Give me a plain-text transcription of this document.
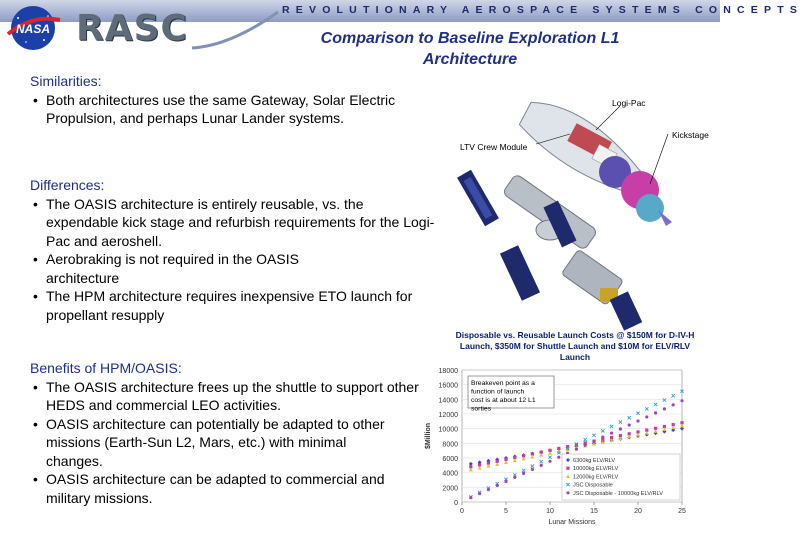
REVOLUTIONARY AEROSPACE SYSTEMS CONCEPTS
NASA RASC	Comparison to Baseline Exploration L1
Architecture
Similarities:
• Both architectures use the same Gateway, Solar Electric Propulsion, and perhaps Lunar Lander systems.
Differences:
• The OASIS architecture is entirely reusable, vs. the expendable kick stage and refurbish requirements for the Logi-Pac and aeroshell.
• Aerobraking is not required in the OASIS architecture
• The HPM architecture requires inexpensive ETO launch for propellant resupply
Benefits of HPM/OASIS:
• The OASIS architecture frees up the shuttle to support other HEDS and commercial LEO activities.
• OASIS architecture can potentially be adapted to other missions (Earth-Sun L2, Mars, etc.) with minimal changes.
• OASIS architecture can be adapted to commercial and military missions.
Logi-Pac
Kickstage
LTV Crew Module
Disposable vs. Reusable Launch Costs @ $150M for D-IV-H Launch, $350M for Shuttle Launch and $10M for ELV/RLV Launch
0
2000
4000
6000
8000
10000
12000
14000
16000
18000
0	5	10	15	20	25
Lunar Missions
$Million
6300kg ELV/RLV
10000kg ELV/RLV
12000kg ELV/RLV
JSC Disposable
JSC Disposable - 10000kg ELV/RLV
Breakeven point as a function of launch cost is at about 12 L1 sorties
